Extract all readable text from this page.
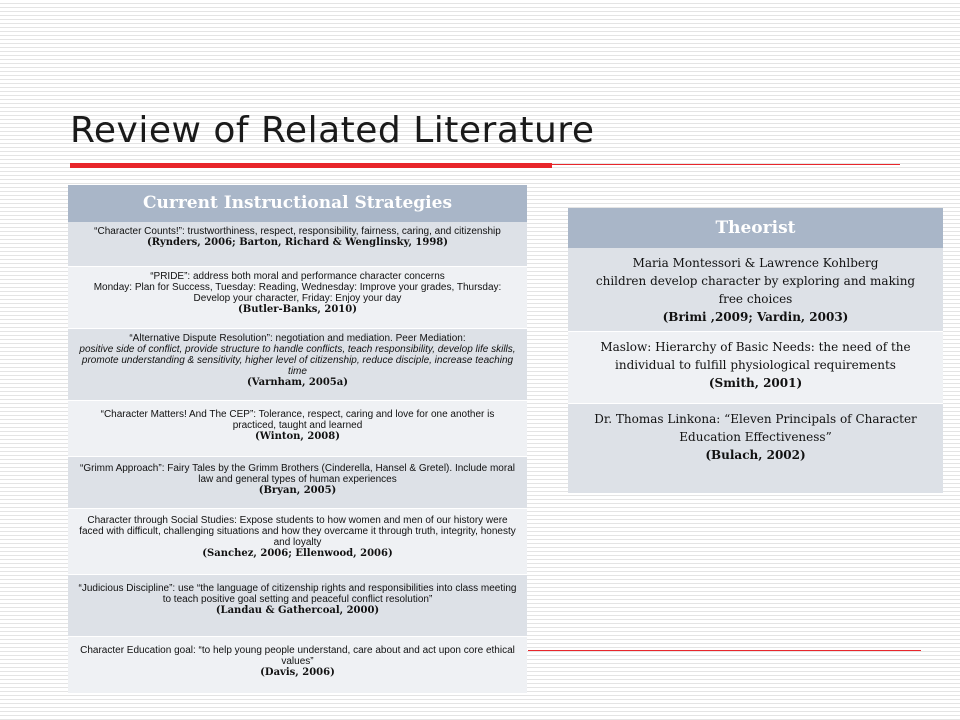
Review of Related Literature
Current Instructional Strategies
“Character Counts!”: trustworthiness, respect, responsibility, fairness, caring, and citizenship
(Rynders, 2006; Barton, Richard & Wenglinsky, 1998)
“PRIDE”: address both moral and performance character concerns
Monday: Plan for Success, Tuesday: Reading, Wednesday: Improve your grades, Thursday: Develop your character, Friday: Enjoy your day
(Butler-Banks, 2010)
“Alternative Dispute Resolution”: negotiation and mediation. Peer Mediation:
positive side of conflict, provide structure to handle conflicts, teach responsibility, develop life skills, promote understanding & sensitivity, higher level of citizenship, reduce disciple, increase teaching time
(Varnham, 2005a)
“Character Matters! And The CEP”: Tolerance, respect, caring and love for one another is practiced, taught and learned
(Winton, 2008)
“Grimm Approach”: Fairy Tales by the Grimm Brothers (Cinderella, Hansel & Gretel). Include moral law and general types of human experiences
(Bryan, 2005)
Character through Social Studies: Expose students to how women and men of our history were faced with difficult, challenging situations and how they overcame it through truth, integrity, honesty and loyalty
(Sanchez, 2006; Ellenwood, 2006)
“Judicious Discipline”: use “the language of citizenship rights and responsibilities into class meeting to teach positive goal setting and peaceful conflict resolution”
(Landau & Gathercoal, 2000)
Character Education goal: “to help young people understand, care about and act upon core ethical values”
(Davis, 2006)
Theorist
Maria Montessori & Lawrence Kohlberg
children develop character by exploring and making free choices
(Brimi ,2009; Vardin, 2003)
Maslow: Hierarchy of Basic Needs: the need of the individual to fulfill physiological requirements
(Smith, 2001)
Dr. Thomas Linkona: “Eleven Principals of Character Education Effectiveness”
(Bulach, 2002)
